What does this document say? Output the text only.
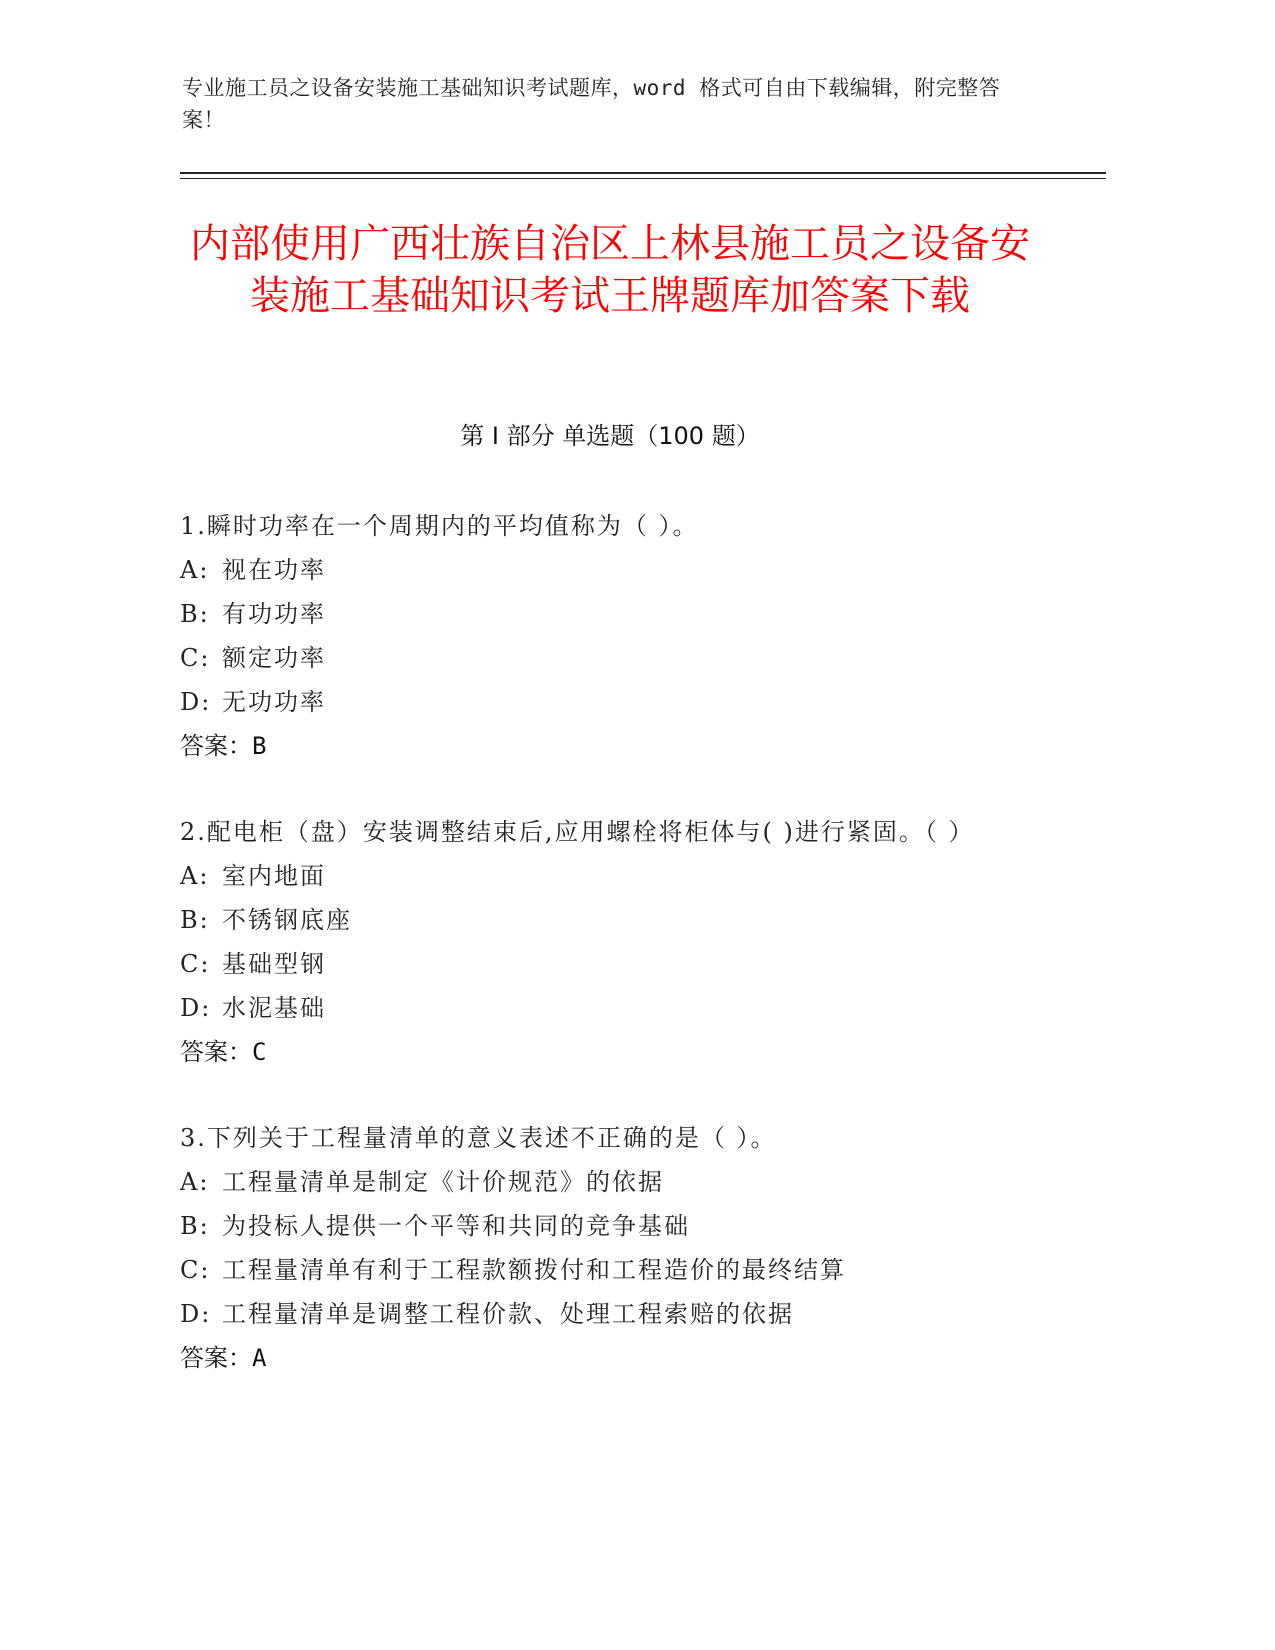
专业施工员之设备安装施工基础知识考试题库，word 格式可自由下载编辑，附完整答案！
内部使用广西壮族自治区上林县施工员之设备安装施工基础知识考试王牌题库加答案下载
第 I 部分 单选题（100 题）
1.瞬时功率在一个周期内的平均值称为（ ）。
A: 视在功率
B: 有功功率
C: 额定功率
D: 无功功率
答案：B
2.配电柜（盘）安装调整结束后,应用螺栓将柜体与( )进行紧固。（ ）
A: 室内地面
B: 不锈钢底座
C: 基础型钢
D: 水泥基础
答案：C
3.下列关于工程量清单的意义表述不正确的是（ ）。
A: 工程量清单是制定《计价规范》的依据
B: 为投标人提供一个平等和共同的竞争基础
C: 工程量清单有利于工程款额拨付和工程造价的最终结算
D: 工程量清单是调整工程价款、处理工程索赔的依据
答案：A
